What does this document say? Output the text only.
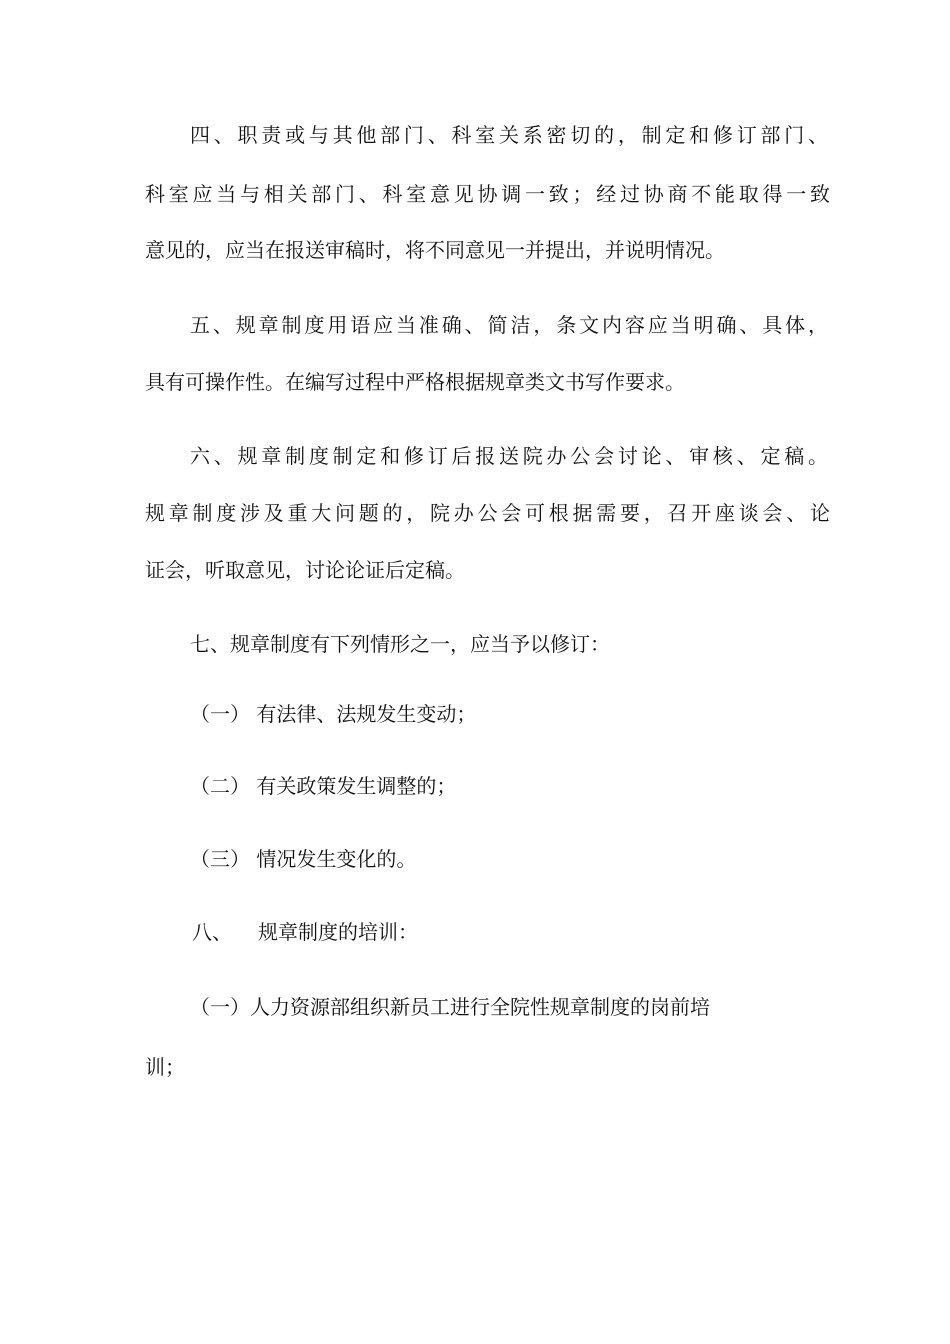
四、职责或与其他部门、科室关系密切的，制定和修订部门、
科室应当与相关部门、科室意见协调一致；经过协商不能取得一致
意见的，应当在报送审稿时，将不同意见一并提出，并说明情况。
五、规章制度用语应当准确、简洁，条文内容应当明确、具体，
具有可操作性。在编写过程中严格根据规章类文书写作要求。
六、规章制度制定和修订后报送院办公会讨论、审核、定稿。
规章制度涉及重大问题的，院办公会可根据需要，召开座谈会、论
证会，听取意见，讨论论证后定稿。
七、规章制度有下列情形之一，应当予以修订：
（一） 有法律、法规发生变动；
（二） 有关政策发生调整的；
（三） 情况发生变化的。
八、 规章制度的培训：
（一）人力资源部组织新员工进行全院性规章制度的岗前培
训；
